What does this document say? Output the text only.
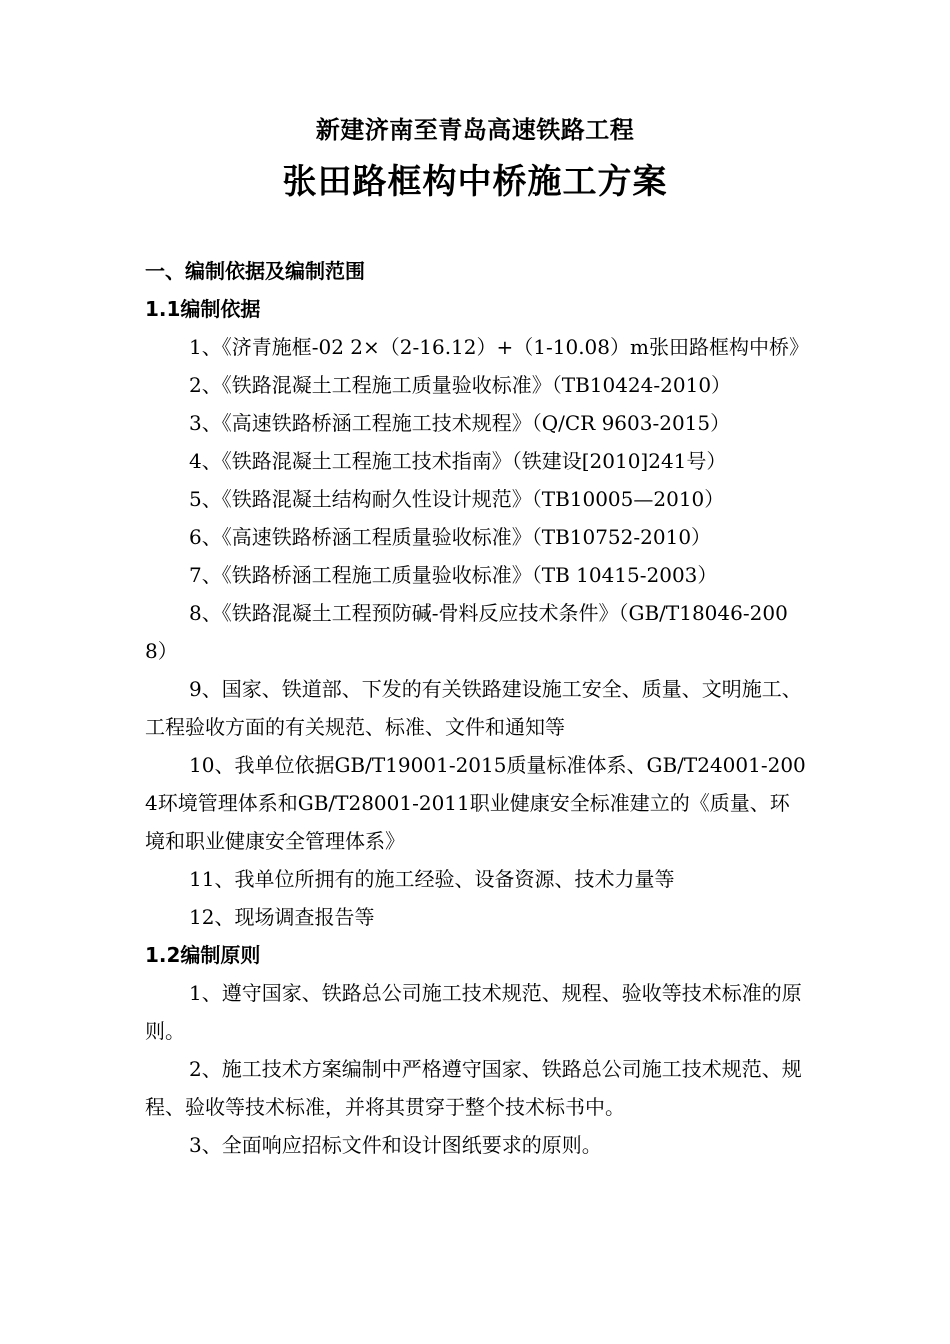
新建济南至青岛高速铁路工程
张田路框构中桥施工方案

一、编制依据及编制范围

1.1编制依据

1、《济青施框-02 2×（2-16.12）+（1-10.08）m张田路框构中桥》

2、《铁路混凝土工程施工质量验收标准》（TB10424-2010）

3、《高速铁路桥涵工程施工技术规程》（Q/CR 9603-2015）

4、《铁路混凝土工程施工技术指南》（铁建设[2010]241号）

5、《铁路混凝土结构耐久性设计规范》（TB10005—2010）

6、《高速铁路桥涵工程质量验收标准》（TB10752-2010）

7、《铁路桥涵工程施工质量验收标准》（TB 10415-2003）

8、《铁路混凝土工程预防碱-骨料反应技术条件》（GB/T18046-2008）

9、国家、铁道部、下发的有关铁路建设施工安全、质量、文明施工、工程验收方面的有关规范、标准、文件和通知等

10、我单位依据GB/T19001-2015质量标准体系、GB/T24001-2004环境管理体系和GB/T28001-2011职业健康安全标准建立的《质量、环境和职业健康安全管理体系》

11、我单位所拥有的施工经验、设备资源、技术力量等

12、现场调查报告等

1.2编制原则

1、遵守国家、铁路总公司施工技术规范、规程、验收等技术标准的原则。

2、施工技术方案编制中严格遵守国家、铁路总公司施工技术规范、规程、验收等技术标准，并将其贯穿于整个技术标书中。

3、全面响应招标文件和设计图纸要求的原则。
